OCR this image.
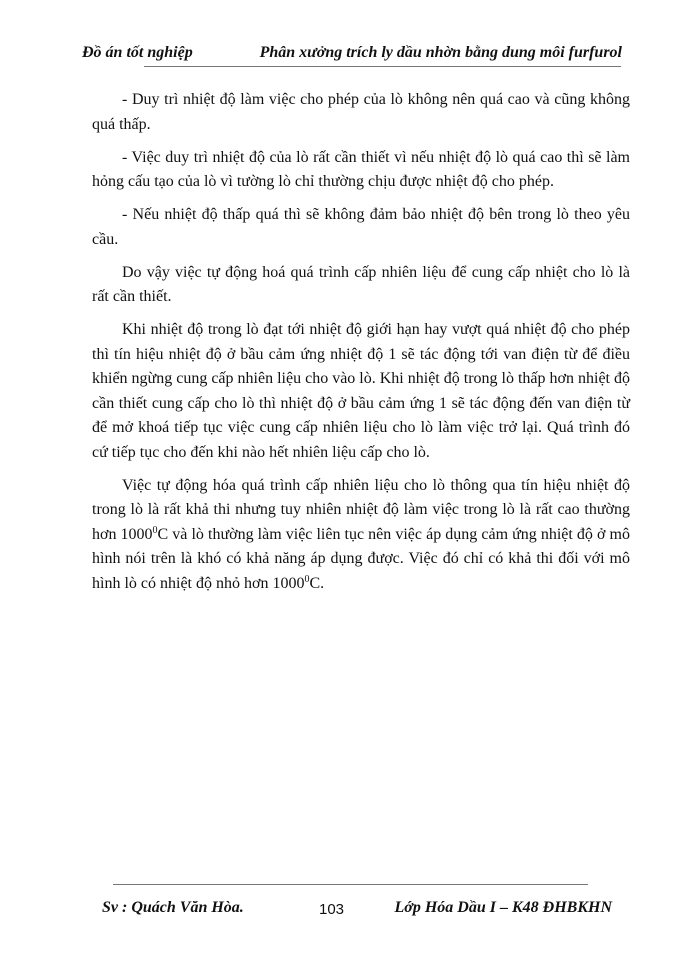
Đồ án tốt nghiệp	Phân xưởng trích ly dầu nhờn bằng dung môi furfurol

- Duy trì nhiệt độ làm việc cho phép của lò không nên quá cao và cũng không quá thấp.

- Việc duy trì nhiệt độ của lò rất cần thiết vì nếu nhiệt độ lò quá cao thì sẽ làm hỏng cấu tạo của lò vì tường lò chỉ thường chịu được nhiệt độ cho phép.

- Nếu nhiệt độ thấp quá thì sẽ không đảm bảo nhiệt độ bên trong lò theo yêu cầu.

Do vậy việc tự động hoá quá trình cấp nhiên liệu để cung cấp nhiệt cho lò là rất cần thiết.

Khi nhiệt độ trong lò đạt tới nhiệt độ giới hạn hay vượt quá nhiệt độ cho phép thì tín hiệu nhiệt độ ở bầu cảm ứng nhiệt độ 1 sẽ tác động tới van điện từ để điều khiển ngừng cung cấp nhiên liệu cho vào lò. Khi nhiệt độ trong lò thấp hơn nhiệt độ cần thiết cung cấp cho lò thì nhiệt độ ở bầu cảm ứng 1 sẽ tác động đến van điện từ để mở khoá tiếp tục việc cung cấp nhiên liệu cho lò làm việc trở lại. Quá trình đó cứ tiếp tục cho đến khi nào hết nhiên liệu cấp cho lò.

Việc tự động hóa quá trình cấp nhiên liệu cho lò thông qua tín hiệu nhiệt độ trong lò là rất khả thi nhưng tuy nhiên nhiệt độ làm việc trong lò là rất cao thường hơn 1000$^0$C và lò thường làm việc liên tục nên việc áp dụng cảm ứng nhiệt độ ở mô hình nói trên là khó có khả năng áp dụng được. Việc đó chỉ có khả thi đối với mô hình lò có nhiệt độ nhỏ hơn 1000$^0$C.

Sv : Quách Văn Hòa.	103	Lớp Hóa Dầu I – K48 ĐHBKHN
